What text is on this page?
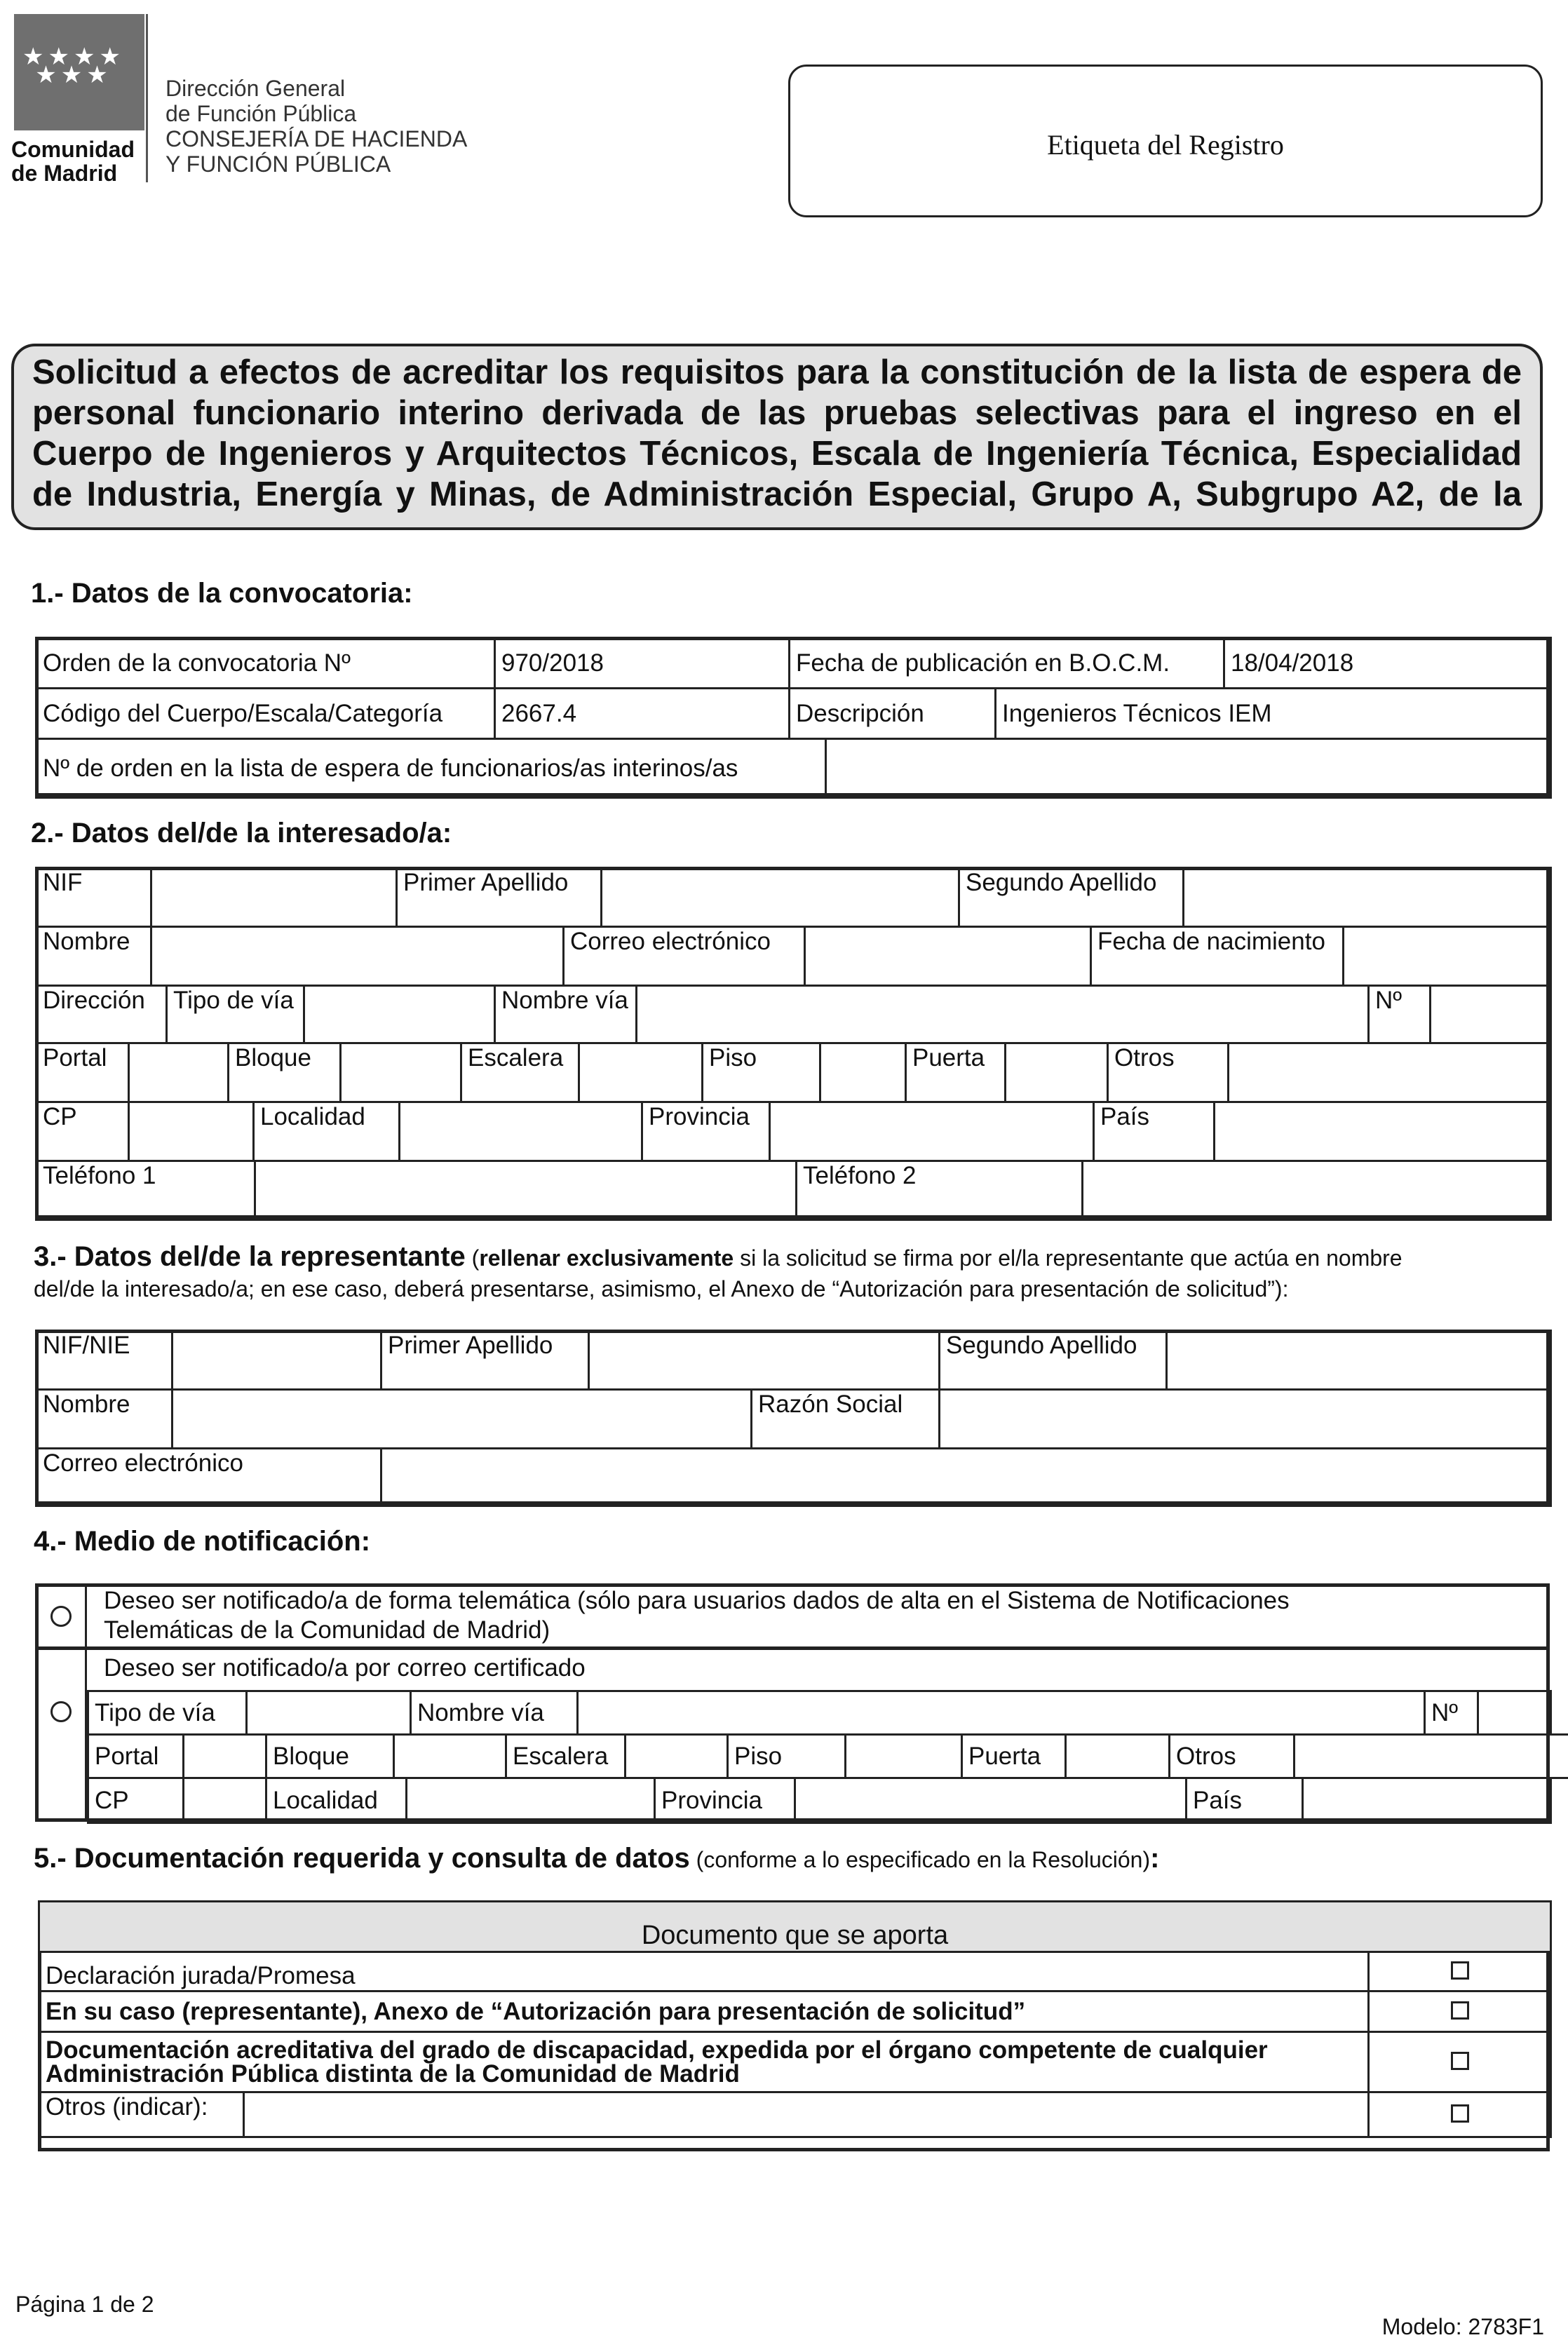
★★★★
★★★
Comunidad
de Madrid
Dirección General
de Función Pública
CONSEJERÍA DE HACIENDA
Y FUNCIÓN PÚBLICA
Etiqueta del Registro
Solicitud a efectos de acreditar los requisitos para la constitución de la lista de espera de personal funcionario interino derivada de las pruebas selectivas para el ingreso en el Cuerpo de Ingenieros y Arquitectos Técnicos, Escala de Ingeniería Técnica, Especialidad de Industria, Energía y Minas, de Administración Especial, Grupo A, Subgrupo A2, de la
1.- Datos de la convocatoria:
Orden de la convocatoria Nº	970/2018	Fecha de publicación en B.O.C.M.	18/04/2018
Código del Cuerpo/Escala/Categoría	2667.4	Descripción	Ingenieros Técnicos IEM
Nº de orden en la lista de espera de funcionarios/as interinos/as	
2.- Datos del/de la interesado/a:
NIF		Primer Apellido		Segundo Apellido	
Nombre		Correo electrónico		Fecha de nacimiento	
Dirección	Tipo de vía		Nombre vía		Nº	
Portal		Bloque		Escalera		Piso		Puerta		Otros	
CP		Localidad		Provincia		País	
Teléfono 1		Teléfono 2	
3.- Datos del/de la representante (rellenar exclusivamente si la solicitud se firma por el/la representante que actúa en nombre
del/de la interesado/a; en ese caso, deberá presentarse, asimismo, el Anexo de “Autorización para presentación de solicitud”):
NIF/NIE		Primer Apellido		Segundo Apellido	
Nombre		Razón Social	
Correo electrónico	
4.- Medio de notificación:
Deseo ser notificado/a de forma telemática (sólo para usuarios dados de alta en el Sistema de Notificaciones
Telemáticas de la Comunidad de Madrid)
Deseo ser notificado/a por correo certificado
Tipo de vía		Nombre vía		Nº	
Portal		Bloque		Escalera		Piso		Puerta		Otros	
CP		Localidad		Provincia		País	
5.- Documentación requerida y consulta de datos (conforme a lo especificado en la Resolución):
Documento que se aporta		
Declaración jurada/Promesa		
En su caso (representante), Anexo de “Autorización para presentación de solicitud”		

Documentación acreditativa del grado de discapacidad, expedida por el órgano competente de cualquier
Administración Pública distinta de la Comunidad de Madrid		

Otros (indicar):		
Página 1 de 2
Modelo: 2783F1
